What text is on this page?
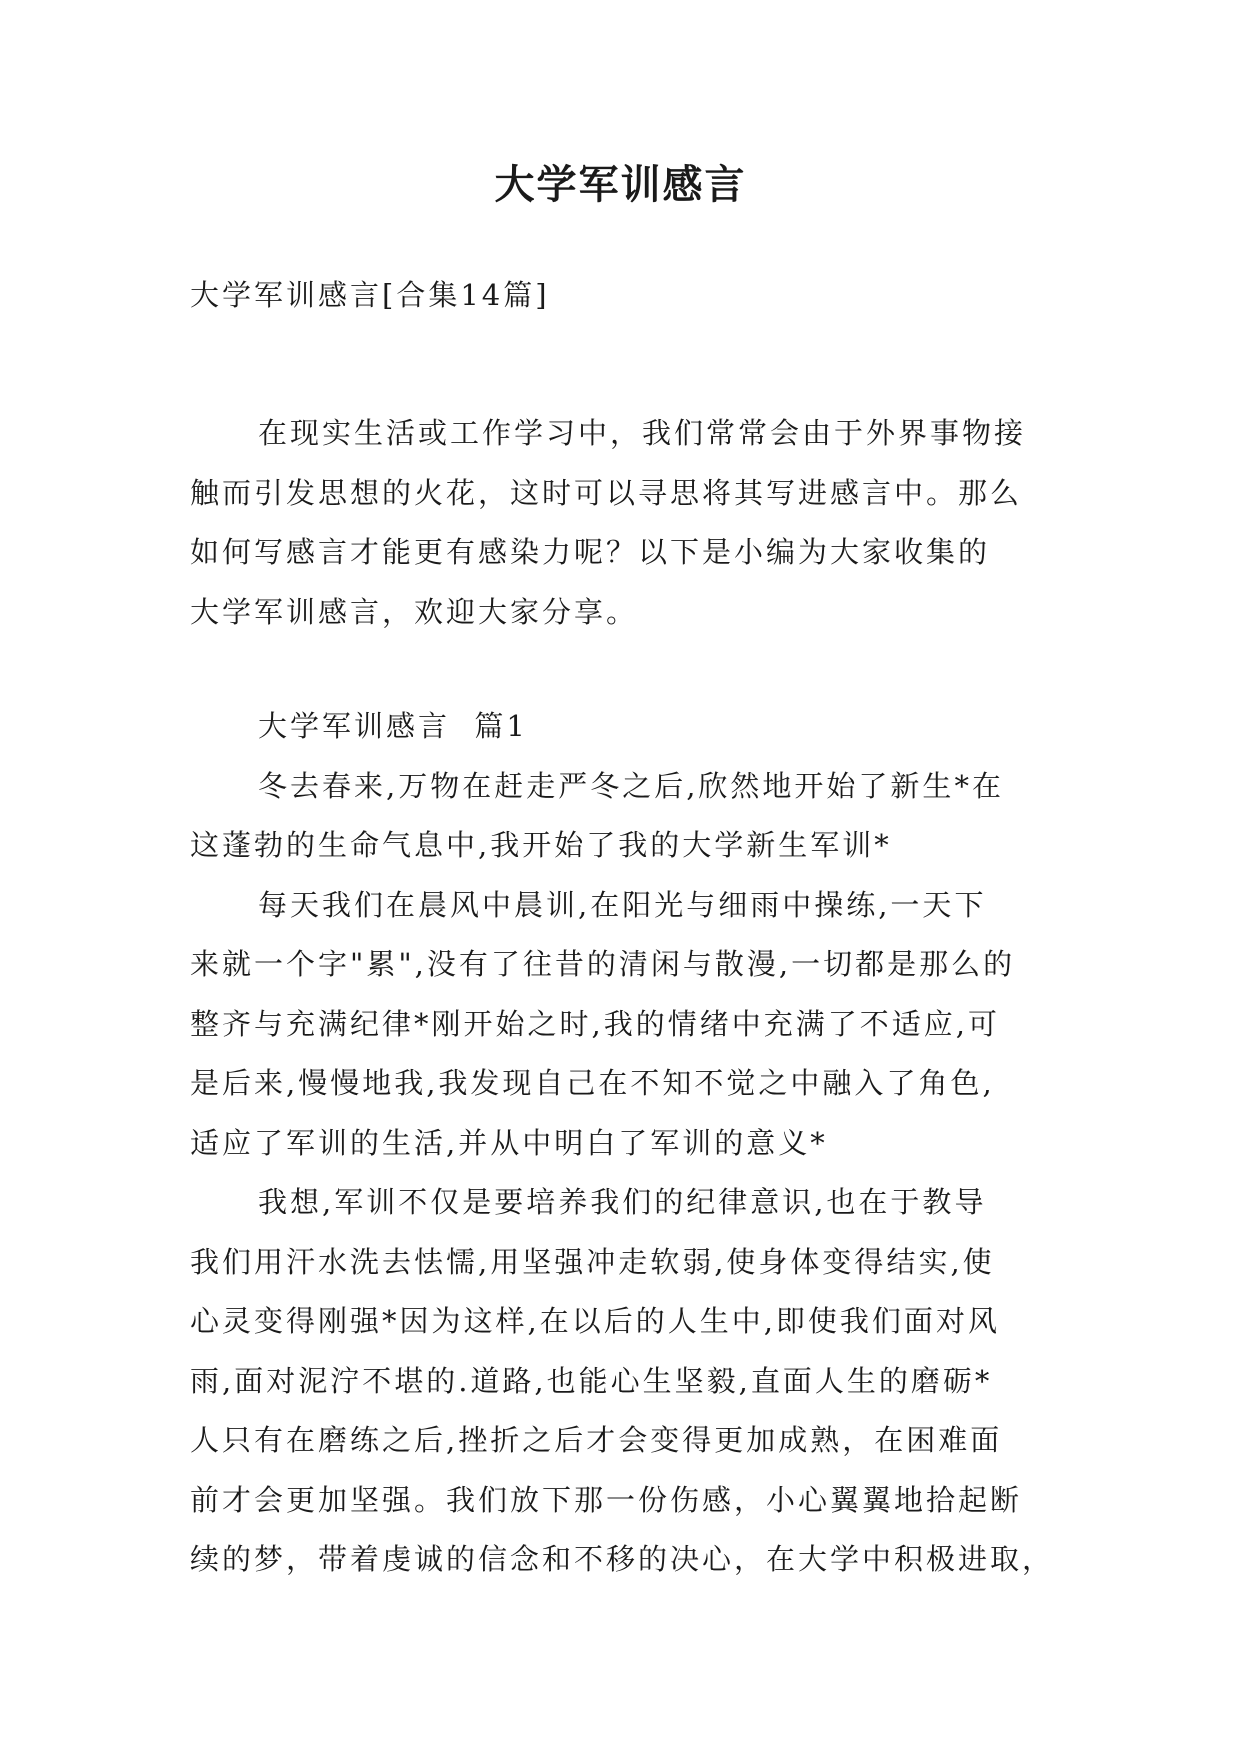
大学军训感言

大学军训感言[合集14篇]

在现实生活或工作学习中，我们常常会由于外界事物接
触而引发思想的火花，这时可以寻思将其写进感言中。那么
如何写感言才能更有感染力呢？以下是小编为大家收集的
大学军训感言，欢迎大家分享。
大学军训感言  篇1
冬去春来,万物在赶走严冬之后,欣然地开始了新生*在
这蓬勃的生命气息中,我开始了我的大学新生军训*
每天我们在晨风中晨训,在阳光与细雨中操练,一天下
来就一个字"累",没有了往昔的清闲与散漫,一切都是那么的
整齐与充满纪律*刚开始之时,我的情绪中充满了不适应,可
是后来,慢慢地我,我发现自己在不知不觉之中融入了角色,
适应了军训的生活,并从中明白了军训的意义*
我想,军训不仅是要培养我们的纪律意识,也在于教导
我们用汗水洗去怯懦,用坚强冲走软弱,使身体变得结实,使
心灵变得刚强*因为这样,在以后的人生中,即使我们面对风
雨,面对泥泞不堪的.道路,也能心生坚毅,直面人生的磨砺*
人只有在磨练之后,挫折之后才会变得更加成熟，在困难面
前才会更加坚强。我们放下那一份伤感，小心翼翼地拾起断
续的梦，带着虔诚的信念和不移的决心，在大学中积极进取，
